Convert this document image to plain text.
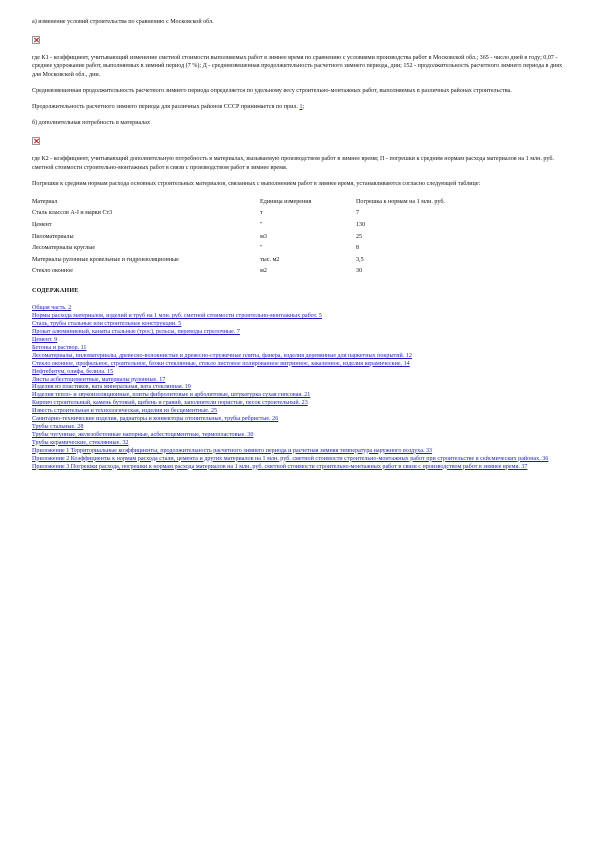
а) изменение условий строительства по сравнению с Московской обл.

где К1 - коэффициент, учитывающий изменение сметной стоимости выполняемых работ в зимнее время по сравнению с условиями производства работ в Московской обл.; 365 - число дней в году; 0,07 - среднее удорожание работ, выполняемых в зимний период (7 %); Д - средневзвешенная продолжительность расчетного зимнего периода, дни; 152 - продолжительность расчетного зимнего периода в днях для Московской обл., дни.

Средневзвешенная продолжительность расчетного зимнего периода определяется по удельному весу строительно-монтажных работ, выполняемых в различных районах строительства.

Продолжительность расчетного зимнего периода для различных районов СССР принимается по прил. 1;

б) дополнительная потребность в материалах

где К2 - коэффициент, учитывающий дополнительную потребность в материалах, вызываемую производством работ в зимнее время; П - погрешки к средним нормам расхода материалов на 1 млн. руб. сметной стоимости строительно-монтажных работ в связи с производством работ в зимнее время.

Погрешки к средним нормам расхода основных строительных материалов, связанных с выполнением работ в зимнее время, устанавливаются согласно следующей таблице:

Материал	Единица измерения	Погрешка к нормам на 1 млн. руб.
Сталь классов A-I и марки Ст3	т	7
Цемент	"	130
Пиломатериалы	м3	25
Лесоматериалы круглые	"	8
Материалы рулонные кровельные и гидроизоляционные	тыс. м2	3,5
Стекло оконное	м2	30

СОДЕРЖАНИЕ

Общая часть. 2
Нормы расхода материалов, изделий и труб на 1 млн. руб. сметной стоимости строительно-монтажных работ. 5
Сталь, трубы стальные или строительные конструкции. 5
Прокат алюминиевый, канаты стальные (трос), рельсы, переводы стрелочные. 7
Цемент. 9
Бетоны и раствор. 11
Лесоматериалы, пиломатериалы, древесно-волокнистые и древесно-стружечные плиты, фанера, изделия деревянные для паркетных покрытий. 12
Стекло оконное, профильное, строительное, блоки стеклянные, стекло листовое полированное витринное, закаленное, изделия керамические. 14
Нефтебитум, олифа, белила. 15
Листы асбестоцементные, материалы рулонные. 17
Изделия из пластиков, вата минеральная, вата стеклянная. 19
Изделия тепло- и звукоизоляционные, плиты фибролитовые и арболитовые, штукатурка сухая гипсовая. 21
Кирпич строительный, камень бутовый, щебень и гравий, заполнители пористые, песок строительный. 23
Известь строительная и технологическая, изделия из бесцементные. 25
Санитарно-технические изделия, радиаторы и конвекторы отопительные, трубы ребристые. 26
Трубы стальные. 28
Трубы чугунные, железобетонные напорные, асбестоцементные, термопластовые. 30
Трубы керамические, стеклянные. 32
Приложение 1 Территориальные коэффициенты, продолжительность расчетного зимнего периода и расчетная зимняя температура наружного воздуха. 33
Приложение 2 Коэффициенты к нормам расхода стали, цемента и других материалов на 1 млн. руб. сметной стоимости строительно-монтажных работ при строительстве в сейсмических районах. 36
Приложение 3 Погрешки расхода, погрешки к нормам расхода материалов на 1 млн. руб. сметной стоимости строительно-монтажных работ в связи с производством работ в зимнее время. 37
